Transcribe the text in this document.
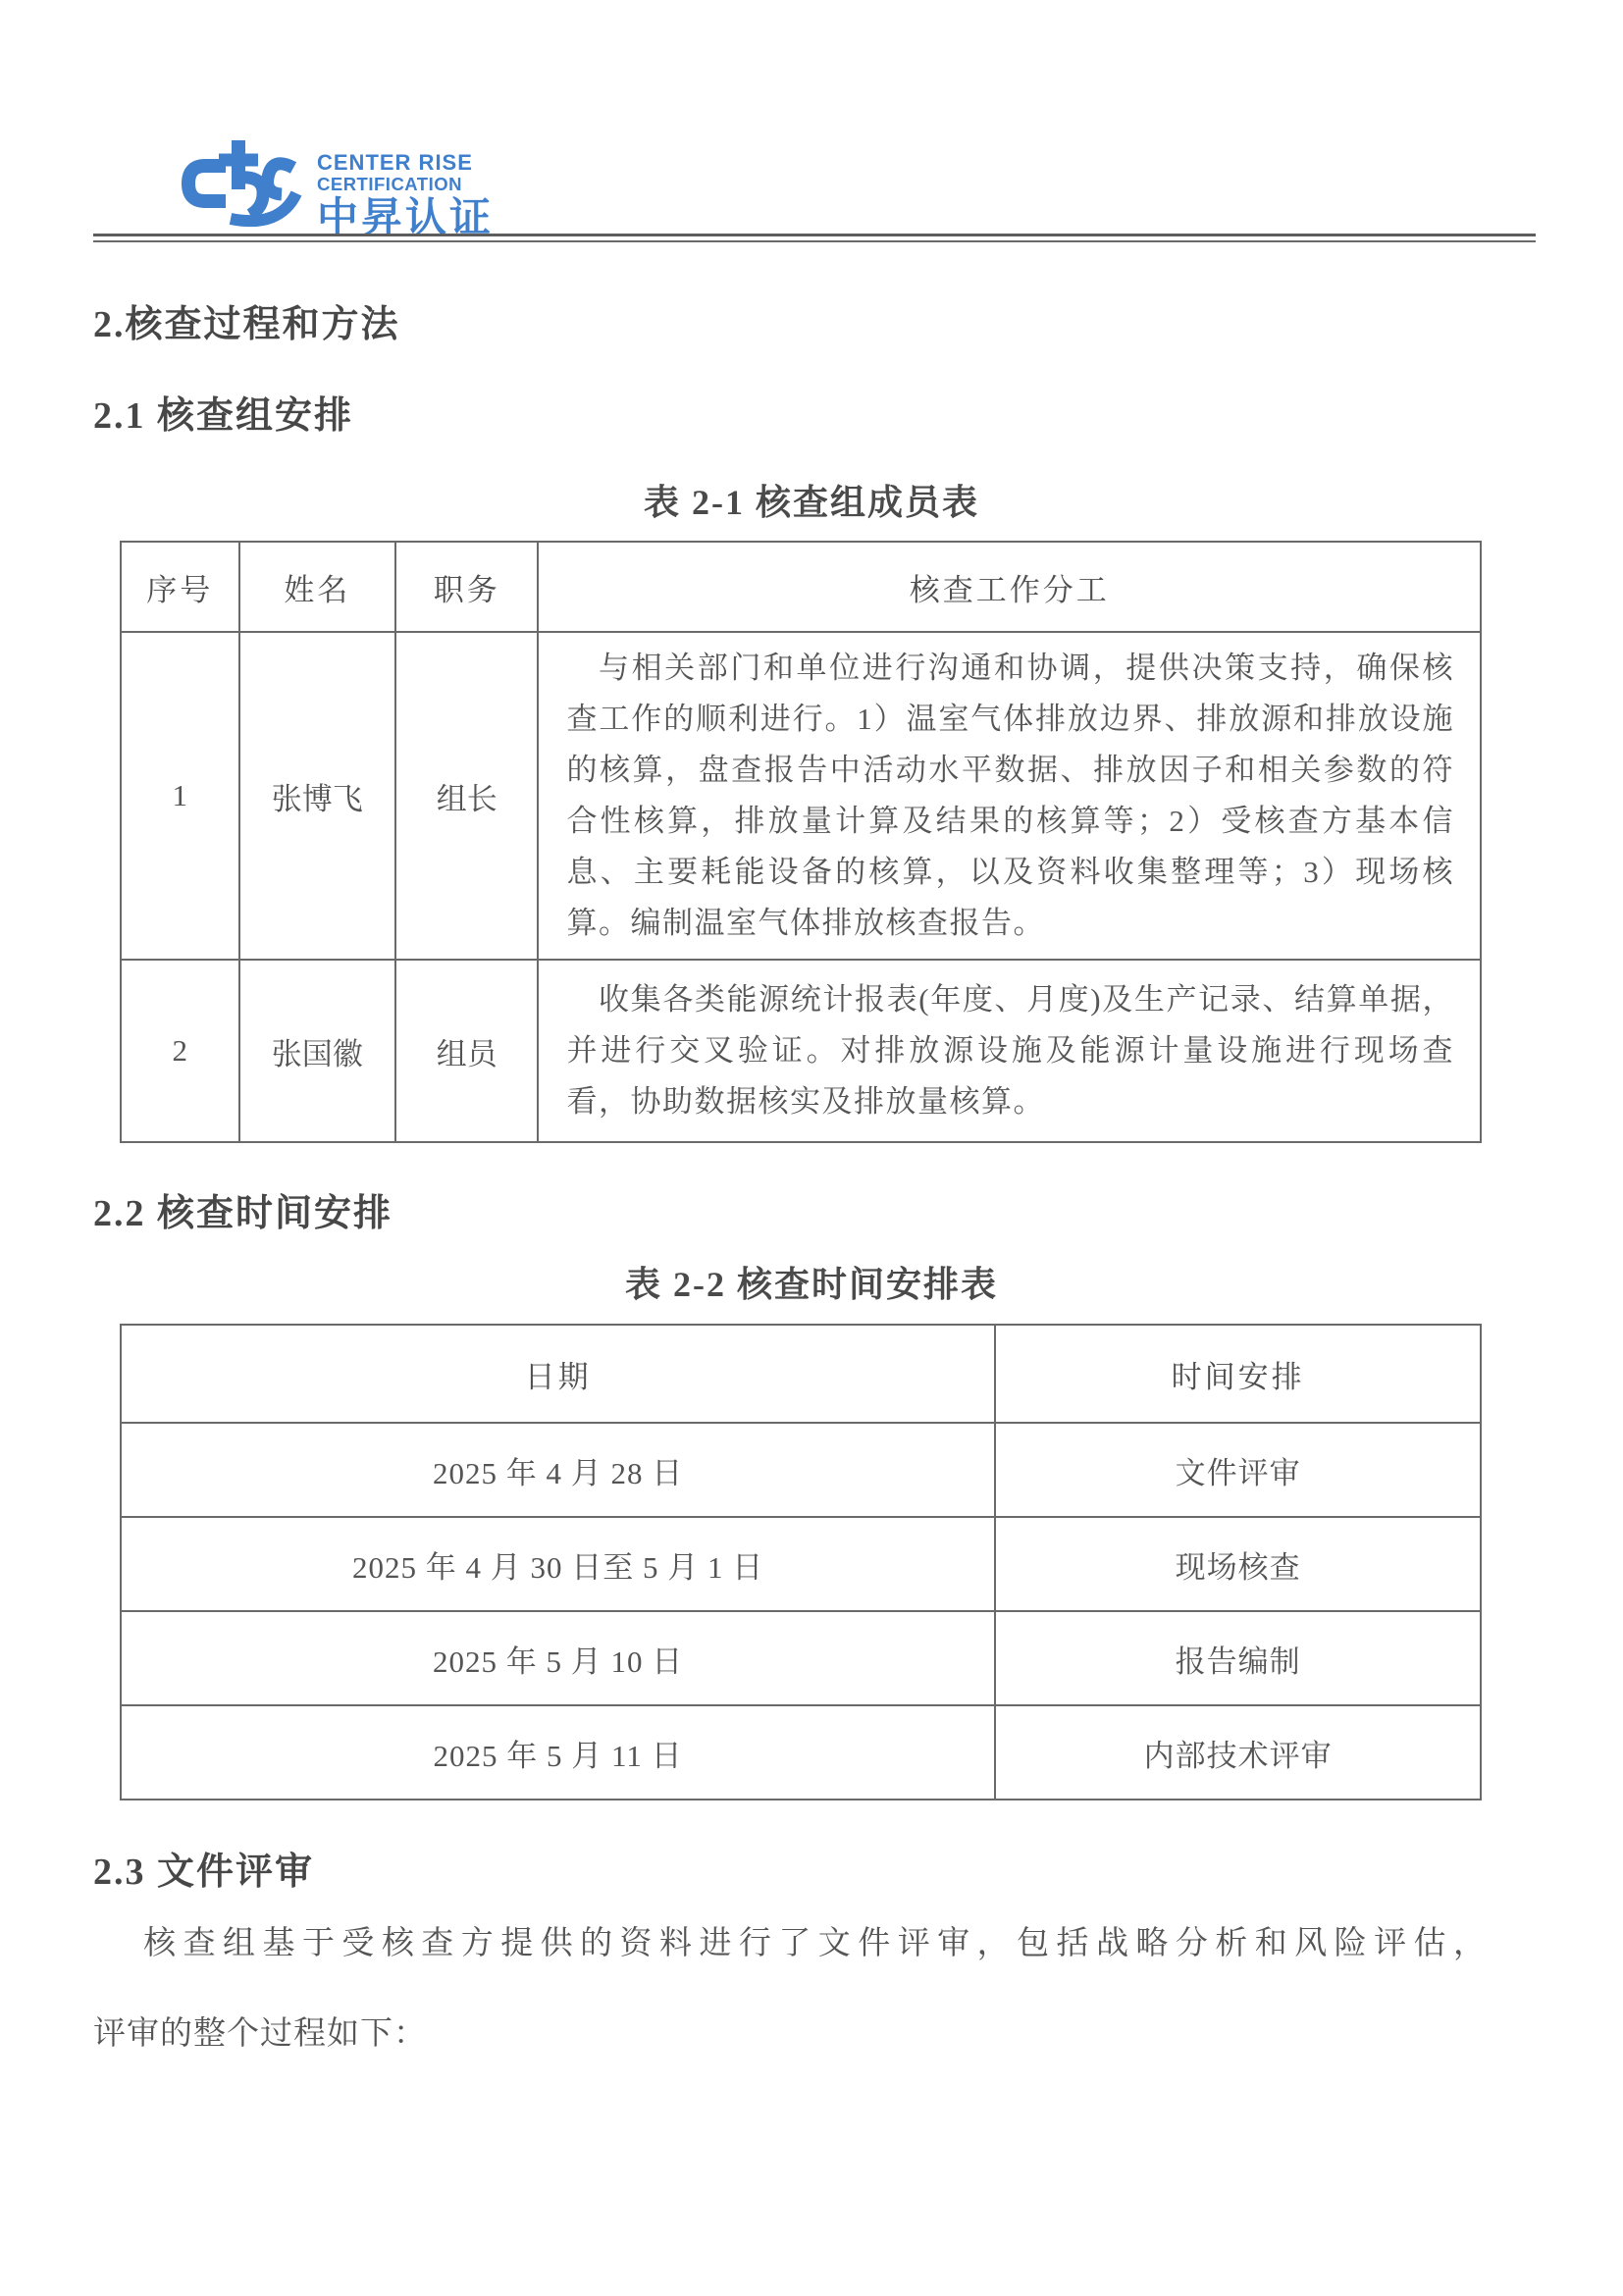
CENTER RISE
CERTIFICATION
中昇认证
2.核查过程和方法
2.1 核查组安排
表 2-1 核查组成员表
序号	姓名	职务	核查工作分工
1	张博飞	组长	与相关部门和单位进行沟通和协调，提供决策支持，确保核查工作的顺利进行。1）温室气体排放边界、排放源和排放设施的核算，盘查报告中活动水平数据、排放因子和相关参数的符合性核算，排放量计算及结果的核算等；2）受核查方基本信息、主要耗能设备的核算，以及资料收集整理等；3）现场核算。编制温室气体排放核查报告。

2	张国徽	组员	收集各类能源统计报表(年度、月度)及生产记录、结算单据，并进行交叉验证。对排放源设施及能源计量设施进行现场查看，协助数据核实及排放量核算。
2.2 核查时间安排
表 2-2 核查时间安排表
日期	时间安排
2025 年 4 月 28 日	文件评审
2025 年 4 月 30 日至 5 月 1 日	现场核查
2025 年 5 月 10 日	报告编制
2025 年 5 月 11 日	内部技术评审
2.3 文件评审
核查组基于受核查方提供的资料进行了文件评审，包括战略分析和风险评估，
评审的整个过程如下：
